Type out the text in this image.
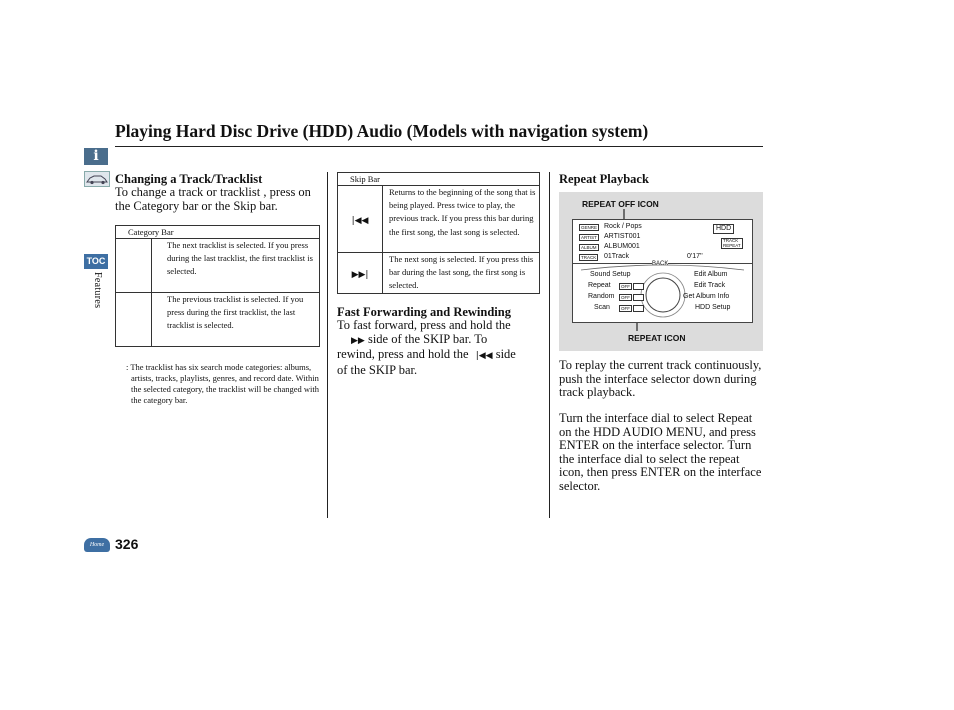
Playing Hard Disc Drive (HDD) Audio (Models with navigation system)
i
TOC
Features
Home 326
Changing a Track/Tracklist
To change a track or tracklist , press on the Category bar or the Skip bar.
Category Bar	
	The next tracklist is selected. If you press during the last tracklist, the first tracklist is selected.
	The previous tracklist is selected. If you press during the first tracklist, the last tracklist is selected.
: The tracklist has six search mode categories: albums, artists, tracks, playlists, genres, and record date. Within the selected category, the tracklist will be changed with the category bar.
Skip Bar	
|◀◀	Returns to the beginning of the song that is being played. Press twice to play, the previous track. If you press this bar during the first song, the last song is selected.
▶▶|	The next song is selected. If you press this bar during the last song, the first song is selected.
Fast Forwarding and Rewinding
To fast forward, press and hold the
▶▶ side of the SKIP bar. To
rewind, press and hold the |◀◀ side
of the SKIP bar.
Repeat Playback
REPEAT OFF ICON
REPEAT ICON
GENRE Rock / Pops
ARTIST ARTIST001
ALBUM ALBUM001
TRACK 01Track
HDD
TRACK REPEAT
0'17''
BACK
Sound Setup
Repeat	OFF
Random	OFF
Scan	OFF
Edit Album
Edit Track
Get Album Info
HDD Setup
To replay the current track continuously, push the interface selector down during track playback.
Turn the interface dial to select Repeat on the HDD AUDIO MENU, and press ENTER on the interface selector. Turn the interface dial to select the repeat icon, then press ENTER on the interface selector.
